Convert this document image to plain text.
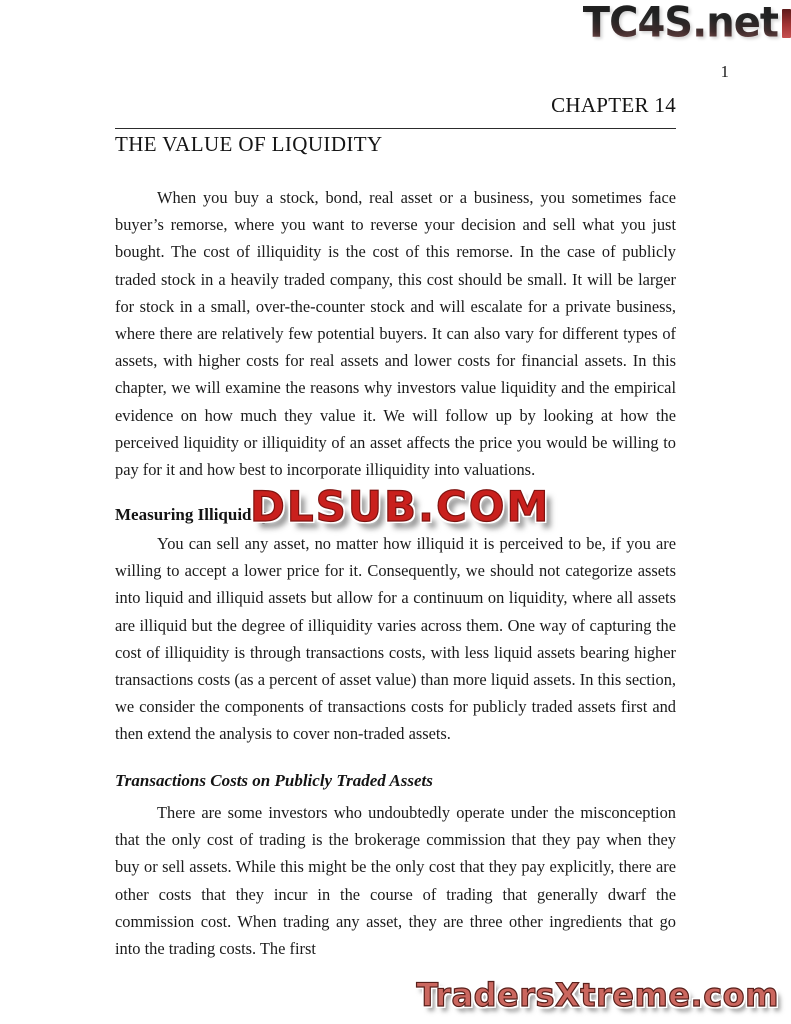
TC4S.net
1
CHAPTER 14
THE VALUE OF LIQUIDITY

When you buy a stock, bond, real asset or a business, you sometimes face buyer’s remorse, where you want to reverse your decision and sell what you just bought. The cost of illiquidity is the cost of this remorse. In the case of publicly traded stock in a heavily traded company, this cost should be small. It will be larger for stock in a small, over-the-counter stock and will escalate for a private business, where there are relatively few potential buyers. It can also vary for different types of assets, with higher costs for real assets and lower costs for financial assets. In this chapter, we will examine the reasons why investors value liquidity and the empirical evidence on how much they value it. We will follow up by looking at how the perceived liquidity or illiquidity of an asset affects the price you would be willing to pay for it and how best to incorporate illiquidity into valuations.

Measuring Illiquidity
DLSUB.COM

You can sell any asset, no matter how illiquid it is perceived to be, if you are willing to accept a lower price for it. Consequently, we should not categorize assets into liquid and illiquid assets but allow for a continuum on liquidity, where all assets are illiquid but the degree of illiquidity varies across them. One way of capturing the cost of illiquidity is through transactions costs, with less liquid assets bearing higher transactions costs (as a percent of asset value) than more liquid assets. In this section, we consider the components of transactions costs for publicly traded assets first and then extend the analysis to cover non-traded assets.

Transactions Costs on Publicly Traded Assets

There are some investors who undoubtedly operate under the misconception that the only cost of trading is the brokerage commission that they pay when they buy or sell assets. While this might be the only cost that they pay explicitly, there are other costs that they incur in the course of trading that generally dwarf the commission cost. When trading any asset, they are three other ingredients that go into the trading costs. The first

TradersXtreme.com
